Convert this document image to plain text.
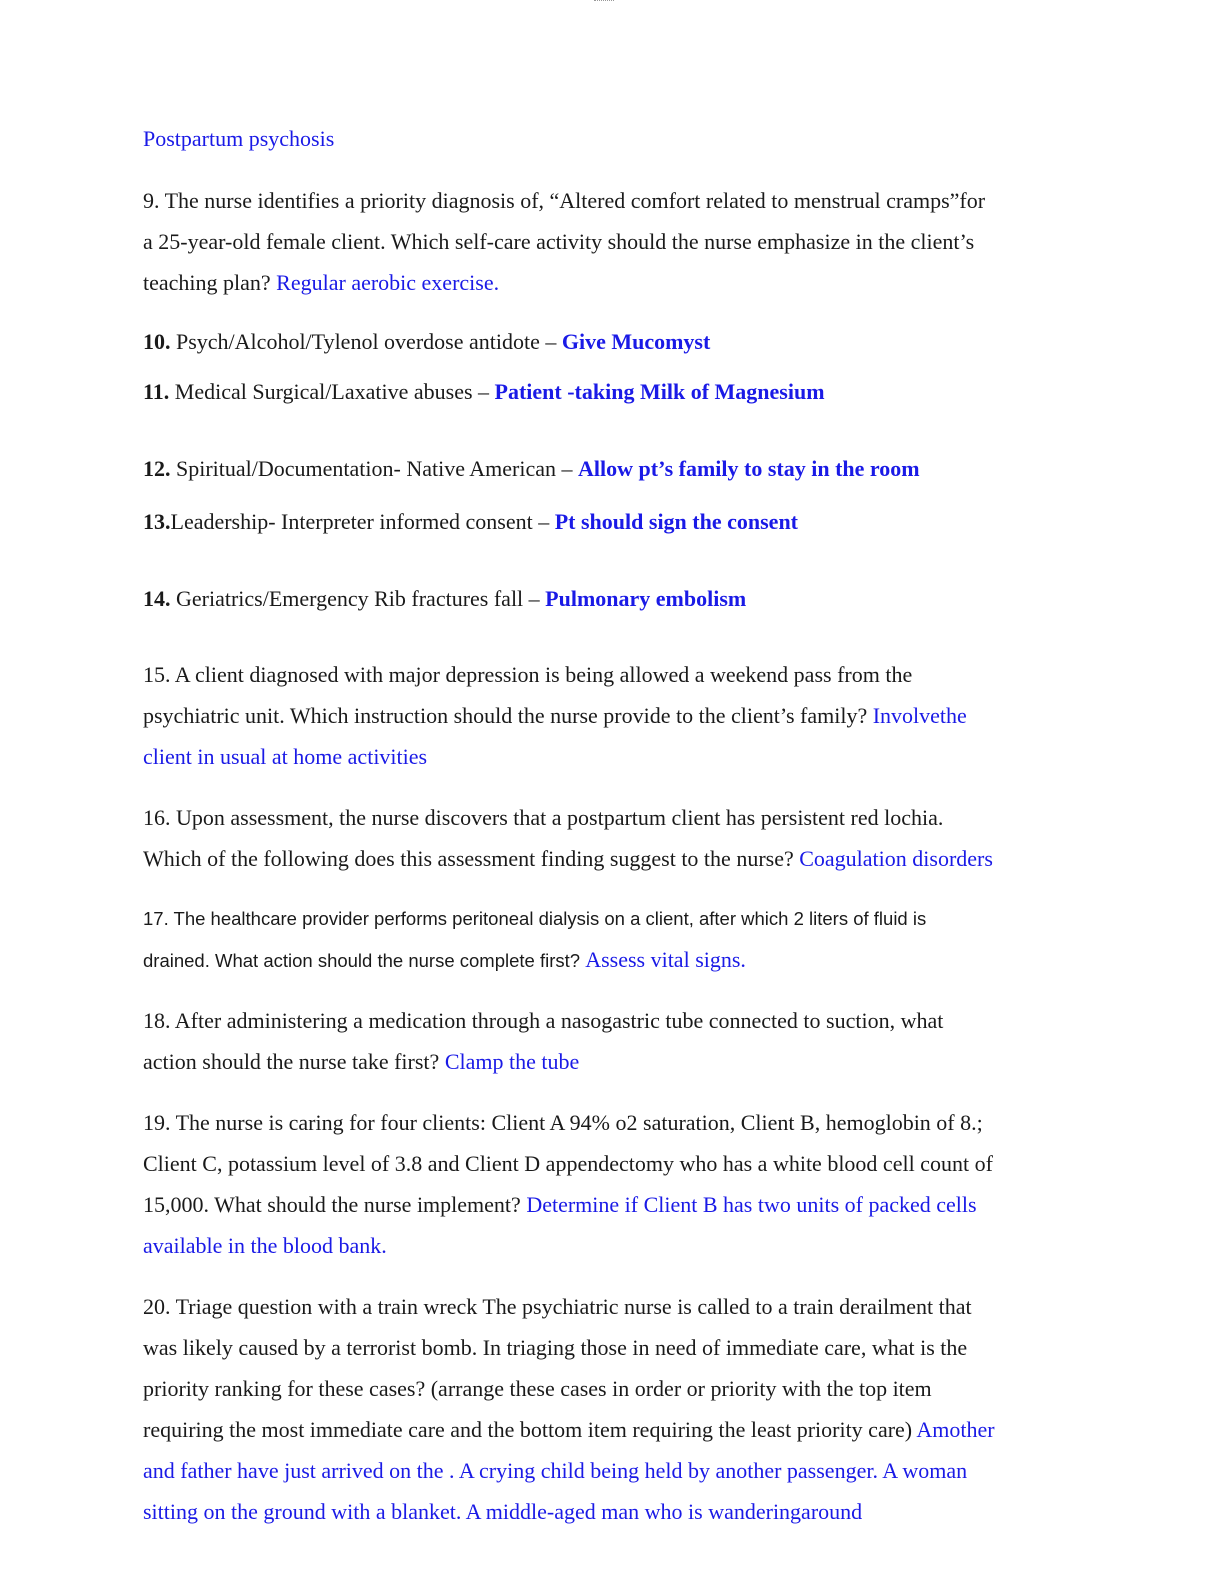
Postpartum psychosis
9. The nurse identifies a priority diagnosis of, “Altered comfort related to menstrual cramps”for
a 25-year-old female client. Which self-care activity should the nurse emphasize in the client’s
teaching plan? Regular aerobic exercise.
10. Psych/Alcohol/Tylenol overdose antidote – Give Mucomyst
11. Medical Surgical/Laxative abuses – Patient -taking Milk of Magnesium
12. Spiritual/Documentation- Native American – Allow pt’s family to stay in the room
13.Leadership- Interpreter informed consent – Pt should sign the consent
14. Geriatrics/Emergency Rib fractures fall – Pulmonary embolism
15. A client diagnosed with major depression is being allowed a weekend pass from the
psychiatric unit. Which instruction should the nurse provide to the client’s family? Involvethe
client in usual at home activities
16. Upon assessment, the nurse discovers that a postpartum client has persistent red lochia.
Which of the following does this assessment finding suggest to the nurse? Coagulation disorders
17. The healthcare provider performs peritoneal dialysis on a client, after which 2 liters of fluid is
drained. What action should the nurse complete first? Assess vital signs.
18. After administering a medication through a nasogastric tube connected to suction, what
action should the nurse take first? Clamp the tube
19. The nurse is caring for four clients: Client A 94% o2 saturation, Client B, hemoglobin of 8.;
Client C, potassium level of 3.8 and Client D appendectomy who has a white blood cell count of
15,000. What should the nurse implement? Determine if Client B has two units of packed cells
available in the blood bank.
20. Triage question with a train wreck The psychiatric nurse is called to a train derailment that
was likely caused by a terrorist bomb. In triaging those in need of immediate care, what is the
priority ranking for these cases? (arrange these cases in order or priority with the top item
requiring the most immediate care and the bottom item requiring the least priority care) Amother
and father have just arrived on the . A crying child being held by another passenger. A woman
sitting on the ground with a blanket. A middle-aged man who is wanderingaround
